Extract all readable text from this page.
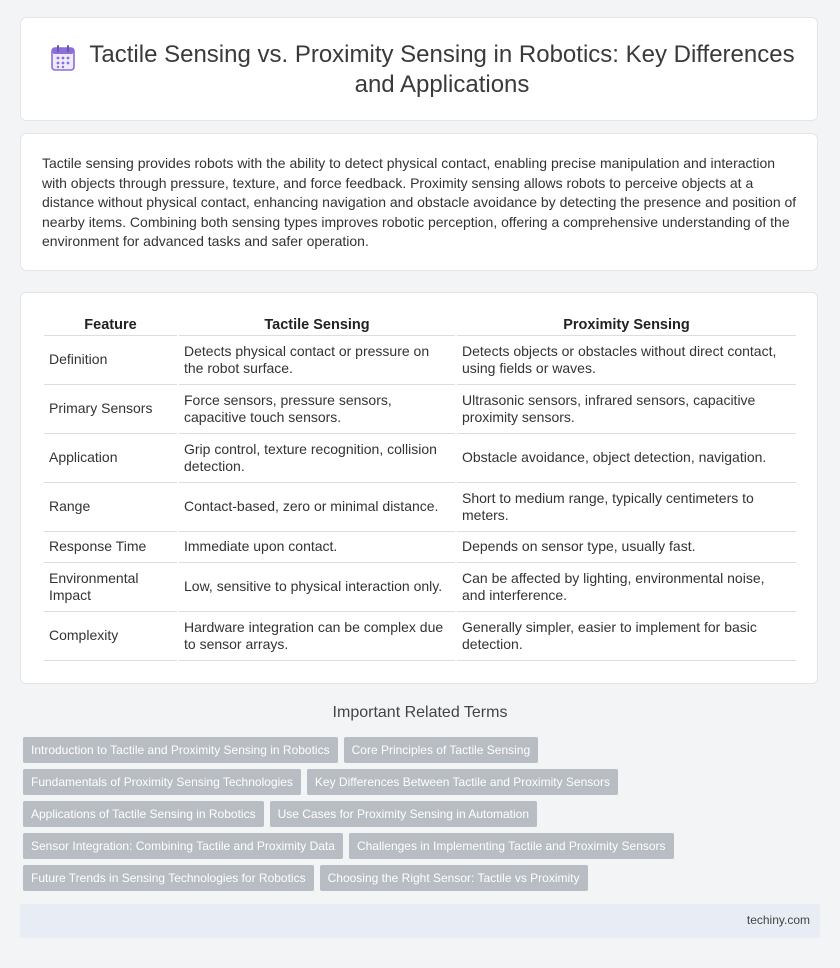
Tactile Sensing vs. Proximity Sensing in Robotics: Key Differences and Applications

Tactile sensing provides robots with the ability to detect physical contact, enabling precise manipulation and interaction with objects through pressure, texture, and force feedback. Proximity sensing allows robots to perceive objects at a distance without physical contact, enhancing navigation and obstacle avoidance by detecting the presence and position of nearby items. Combining both sensing types improves robotic perception, offering a comprehensive understanding of the environment for advanced tasks and safer operation.

Feature	Tactile Sensing	Proximity Sensing
Definition	Detects physical contact or pressure on the robot surface.	Detects objects or obstacles without direct contact, using fields or waves.
Primary Sensors	Force sensors, pressure sensors, capacitive touch sensors.	Ultrasonic sensors, infrared sensors, capacitive proximity sensors.
Application	Grip control, texture recognition, collision detection.	Obstacle avoidance, object detection, navigation.
Range	Contact-based, zero or minimal distance.	Short to medium range, typically centimeters to meters.
Response Time	Immediate upon contact.	Depends on sensor type, usually fast.
Environmental Impact	Low, sensitive to physical interaction only.	Can be affected by lighting, environmental noise, and interference.
Complexity	Hardware integration can be complex due to sensor arrays.	Generally simpler, easier to implement for basic detection.
Important Related Terms
Introduction to Tactile and Proximity Sensing in Robotics Core Principles of Tactile Sensing
Fundamentals of Proximity Sensing Technologies Key Differences Between Tactile and Proximity Sensors
Applications of Tactile Sensing in Robotics Use Cases for Proximity Sensing in Automation
Sensor Integration: Combining Tactile and Proximity Data Challenges in Implementing Tactile and Proximity Sensors
Future Trends in Sensing Technologies for Robotics Choosing the Right Sensor: Tactile vs Proximity
techiny.com
